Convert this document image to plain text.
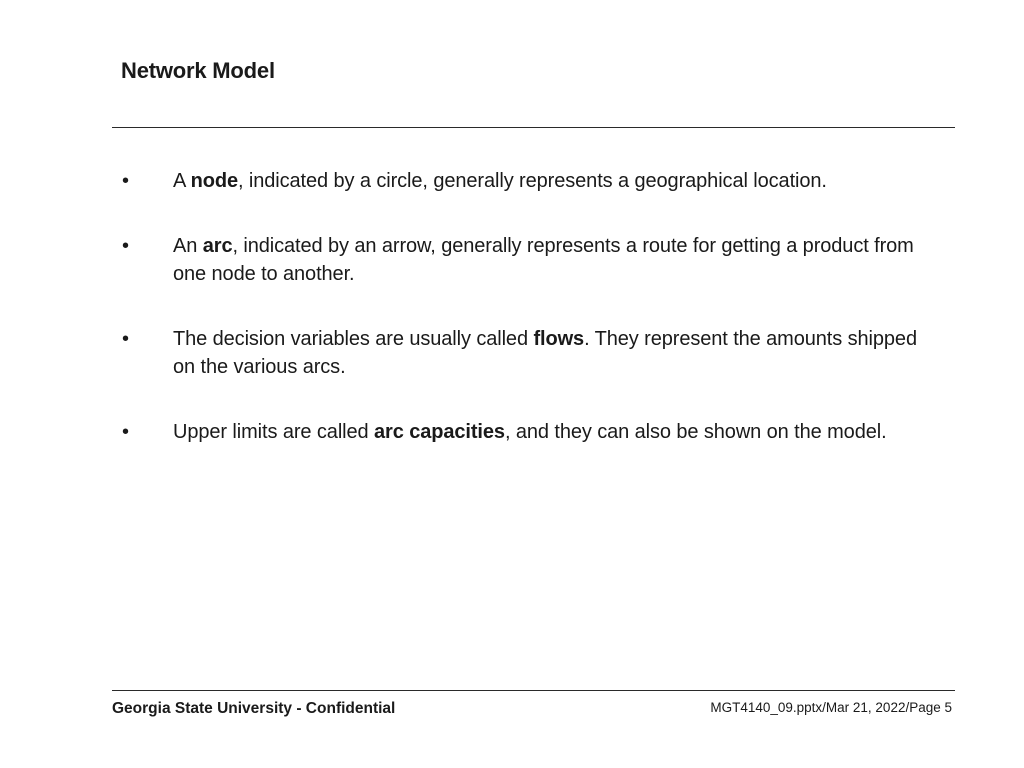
Network Model
• A node, indicated by a circle, generally represents a geographical location.
• An arc, indicated by an arrow, generally represents a route for getting a product from one node to another.
• The decision variables are usually called flows. They represent the amounts shipped on the various arcs.
• Upper limits are called arc capacities, and they can also be shown on the model.
Georgia State University - Confidential	MGT4140_09.pptx/Mar 21, 2022/Page 5
